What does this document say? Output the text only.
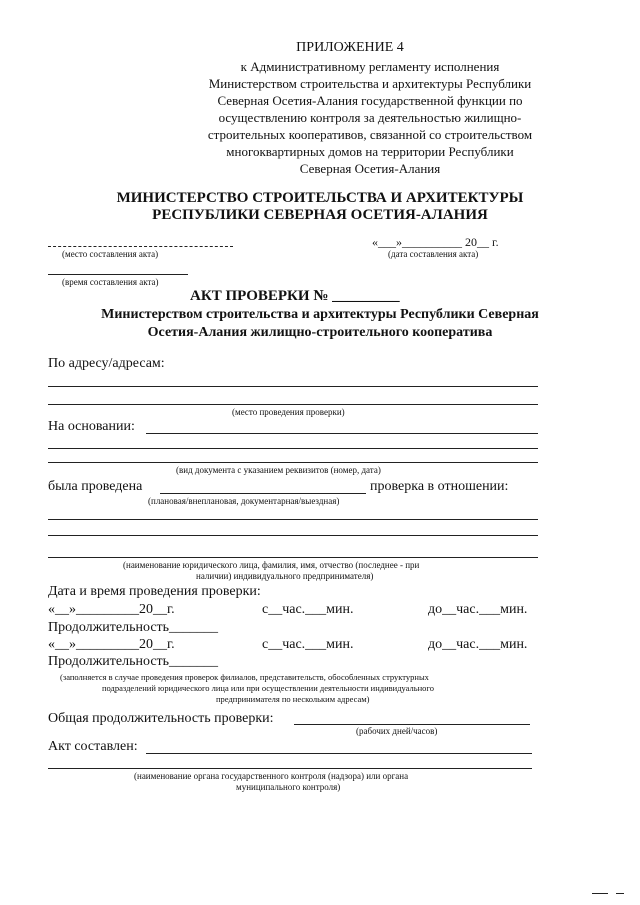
ПРИЛОЖЕНИЕ 4
к Административному регламенту исполнения
Министерством строительства и архитектуры Республики
Северная Осетия-Алания государственной функции по
осуществлению контроля за деятельностью жилищно-
строительных кооперативов, связанной со строительством
многоквартирных домов на территории Республики
Северная Осетия-Алания
МИНИСТЕРСТВО СТРОИТЕЛЬСТВА И АРХИТЕКТУРЫ
РЕСПУБЛИКИ СЕВЕРНАЯ ОСЕТИЯ-АЛАНИЯ
(место составления акта)
«___»__________ 20__ г.
(дата составления акта)
(время составления акта)
АКТ ПРОВЕРКИ № _________
Министерством строительства и архитектуры Республики Северная
Осетия-Алания жилищно-строительного кооператива
По адресу/адресам:
(место проведения проверки)
На основании:
(вид документа с указанием реквизитов (номер, дата)
была проведена	проверка в отношении:
(плановая/внеплановая, документарная/выездная)
(наименование юридического лица, фамилия, имя, отчество (последнее - при
наличии) индивидуального предпринимателя)
Дата и время проведения проверки:
«__»_________20__г.	с__час.___мин.	до__час.___мин.
Продолжительность_______
«__»_________20__г.	с__час.___мин.	до__час.___мин.
Продолжительность_______
(заполняется в случае проведения проверок филиалов, представительств, обособленных структурных
подразделений юридического лица или при осуществлении деятельности индивидуального
предпринимателя по нескольким адресам)
Общая продолжительность проверки:
(рабочих дней/часов)
Акт составлен:
(наименование органа государственного контроля (надзора) или органа
муниципального контроля)
